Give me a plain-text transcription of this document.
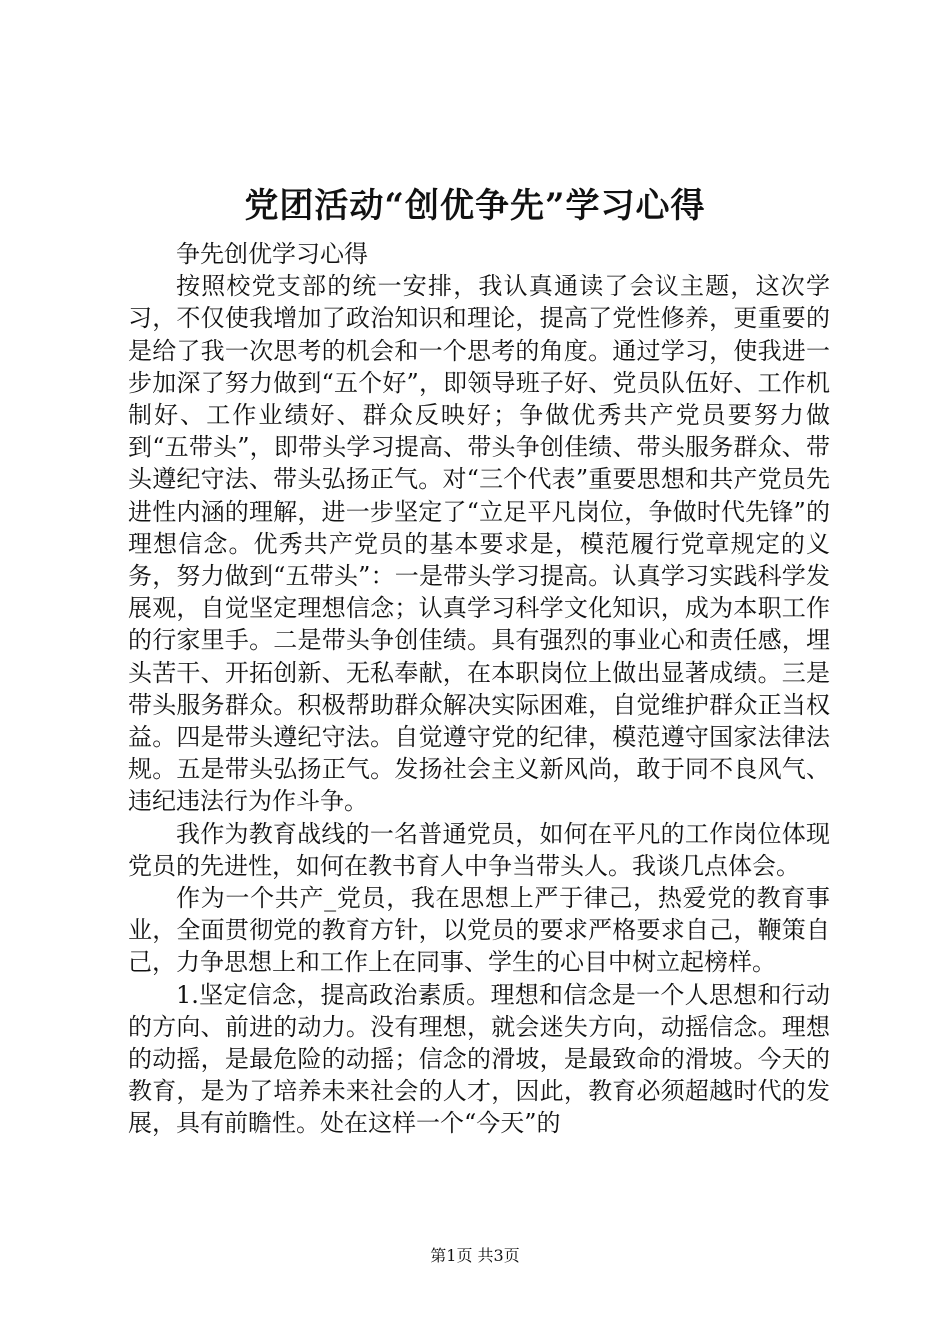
党团活动“创优争先”学习心得

争先创优学习心得

按照校党支部的统一安排，我认真通读了会议主题，这次学习，不仅使我增加了政治知识和理论，提高了党性修养，更重要的是给了我一次思考的机会和一个思考的角度。通过学习，使我进一步加深了努力做到“五个好”，即领导班子好、党员队伍好、工作机制好、工作业绩好、群众反映好；争做优秀共产党员要努力做到“五带头”，即带头学习提高、带头争创佳绩、带头服务群众、带头遵纪守法、带头弘扬正气。对“三个代表”重要思想和共产党员先进性内涵的理解，进一步坚定了“立足平凡岗位，争做时代先锋”的理想信念。优秀共产党员的基本要求是，模范履行党章规定的义务，努力做到“五带头”：一是带头学习提高。认真学习实践科学发展观，自觉坚定理想信念；认真学习科学文化知识，成为本职工作的行家里手。二是带头争创佳绩。具有强烈的事业心和责任感，埋头苦干、开拓创新、无私奉献，在本职岗位上做出显著成绩。三是带头服务群众。积极帮助群众解决实际困难，自觉维护群众正当权益。四是带头遵纪守法。自觉遵守党的纪律，模范遵守国家法律法规。五是带头弘扬正气。发扬社会主义新风尚，敢于同不良风气、违纪违法行为作斗争。

我作为教育战线的一名普通党员，如何在平凡的工作岗位体现党员的先进性，如何在教书育人中争当带头人。我谈几点体会。

作为一个共产_党员，我在思想上严于律己，热爱党的教育事业，全面贯彻党的教育方针，以党员的要求严格要求自己，鞭策自己，力争思想上和工作上在同事、学生的心目中树立起榜样。

1.坚定信念，提高政治素质。理想和信念是一个人思想和行动的方向、前进的动力。没有理想，就会迷失方向，动摇信念。理想的动摇，是最危险的动摇；信念的滑坡，是最致命的滑坡。今天的教育，是为了培养未来社会的人才，因此，教育必须超越时代的发展，具有前瞻性。处在这样一个“今天”的

第1页 共3页
